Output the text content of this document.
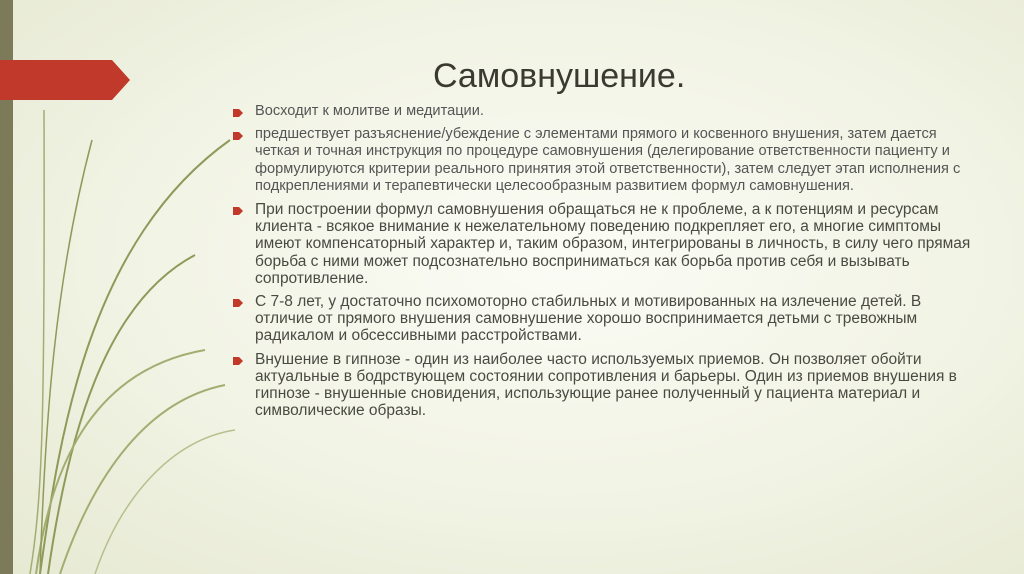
Самовнушение.
Восходит к молитве и медитации.
предшествует разъяснение/убеждение с элементами прямого и косвенного внушения, затем дается четкая и точная инструкция по процедуре самовнушения (делегирование ответственности пациенту и формулируются критерии реального принятия этой ответственности), затем следует этап исполнения с подкреплениями и терапевтически целесообразным развитием формул самовнушения.
При построении формул самовнушения обращаться не к проблеме, а к потенциям и ресурсам клиента - всякое внимание к нежелательному поведению подкрепляет его, а многие симптомы имеют компенсаторный характер и, таким образом, интегрированы в личность, в силу чего прямая борьба с ними может подсознательно восприниматься как борьба против себя и вызывать сопротивление.
С 7-8 лет, у достаточно психомоторно стабильных и мотивированных на излечение детей. В отличие от прямого внушения самовнушение хорошо воспринимается детьми с тревожным радикалом и обсессивными расстройствами.
Внушение в гипнозе - один из наиболее часто используемых приемов. Он позволяет обойти актуальные в бодрствующем состоянии сопротивления и барьеры. Один из приемов внушения в гипнозе - внушенные сновидения, использующие ранее полученный у пациента материал и символические образы.
